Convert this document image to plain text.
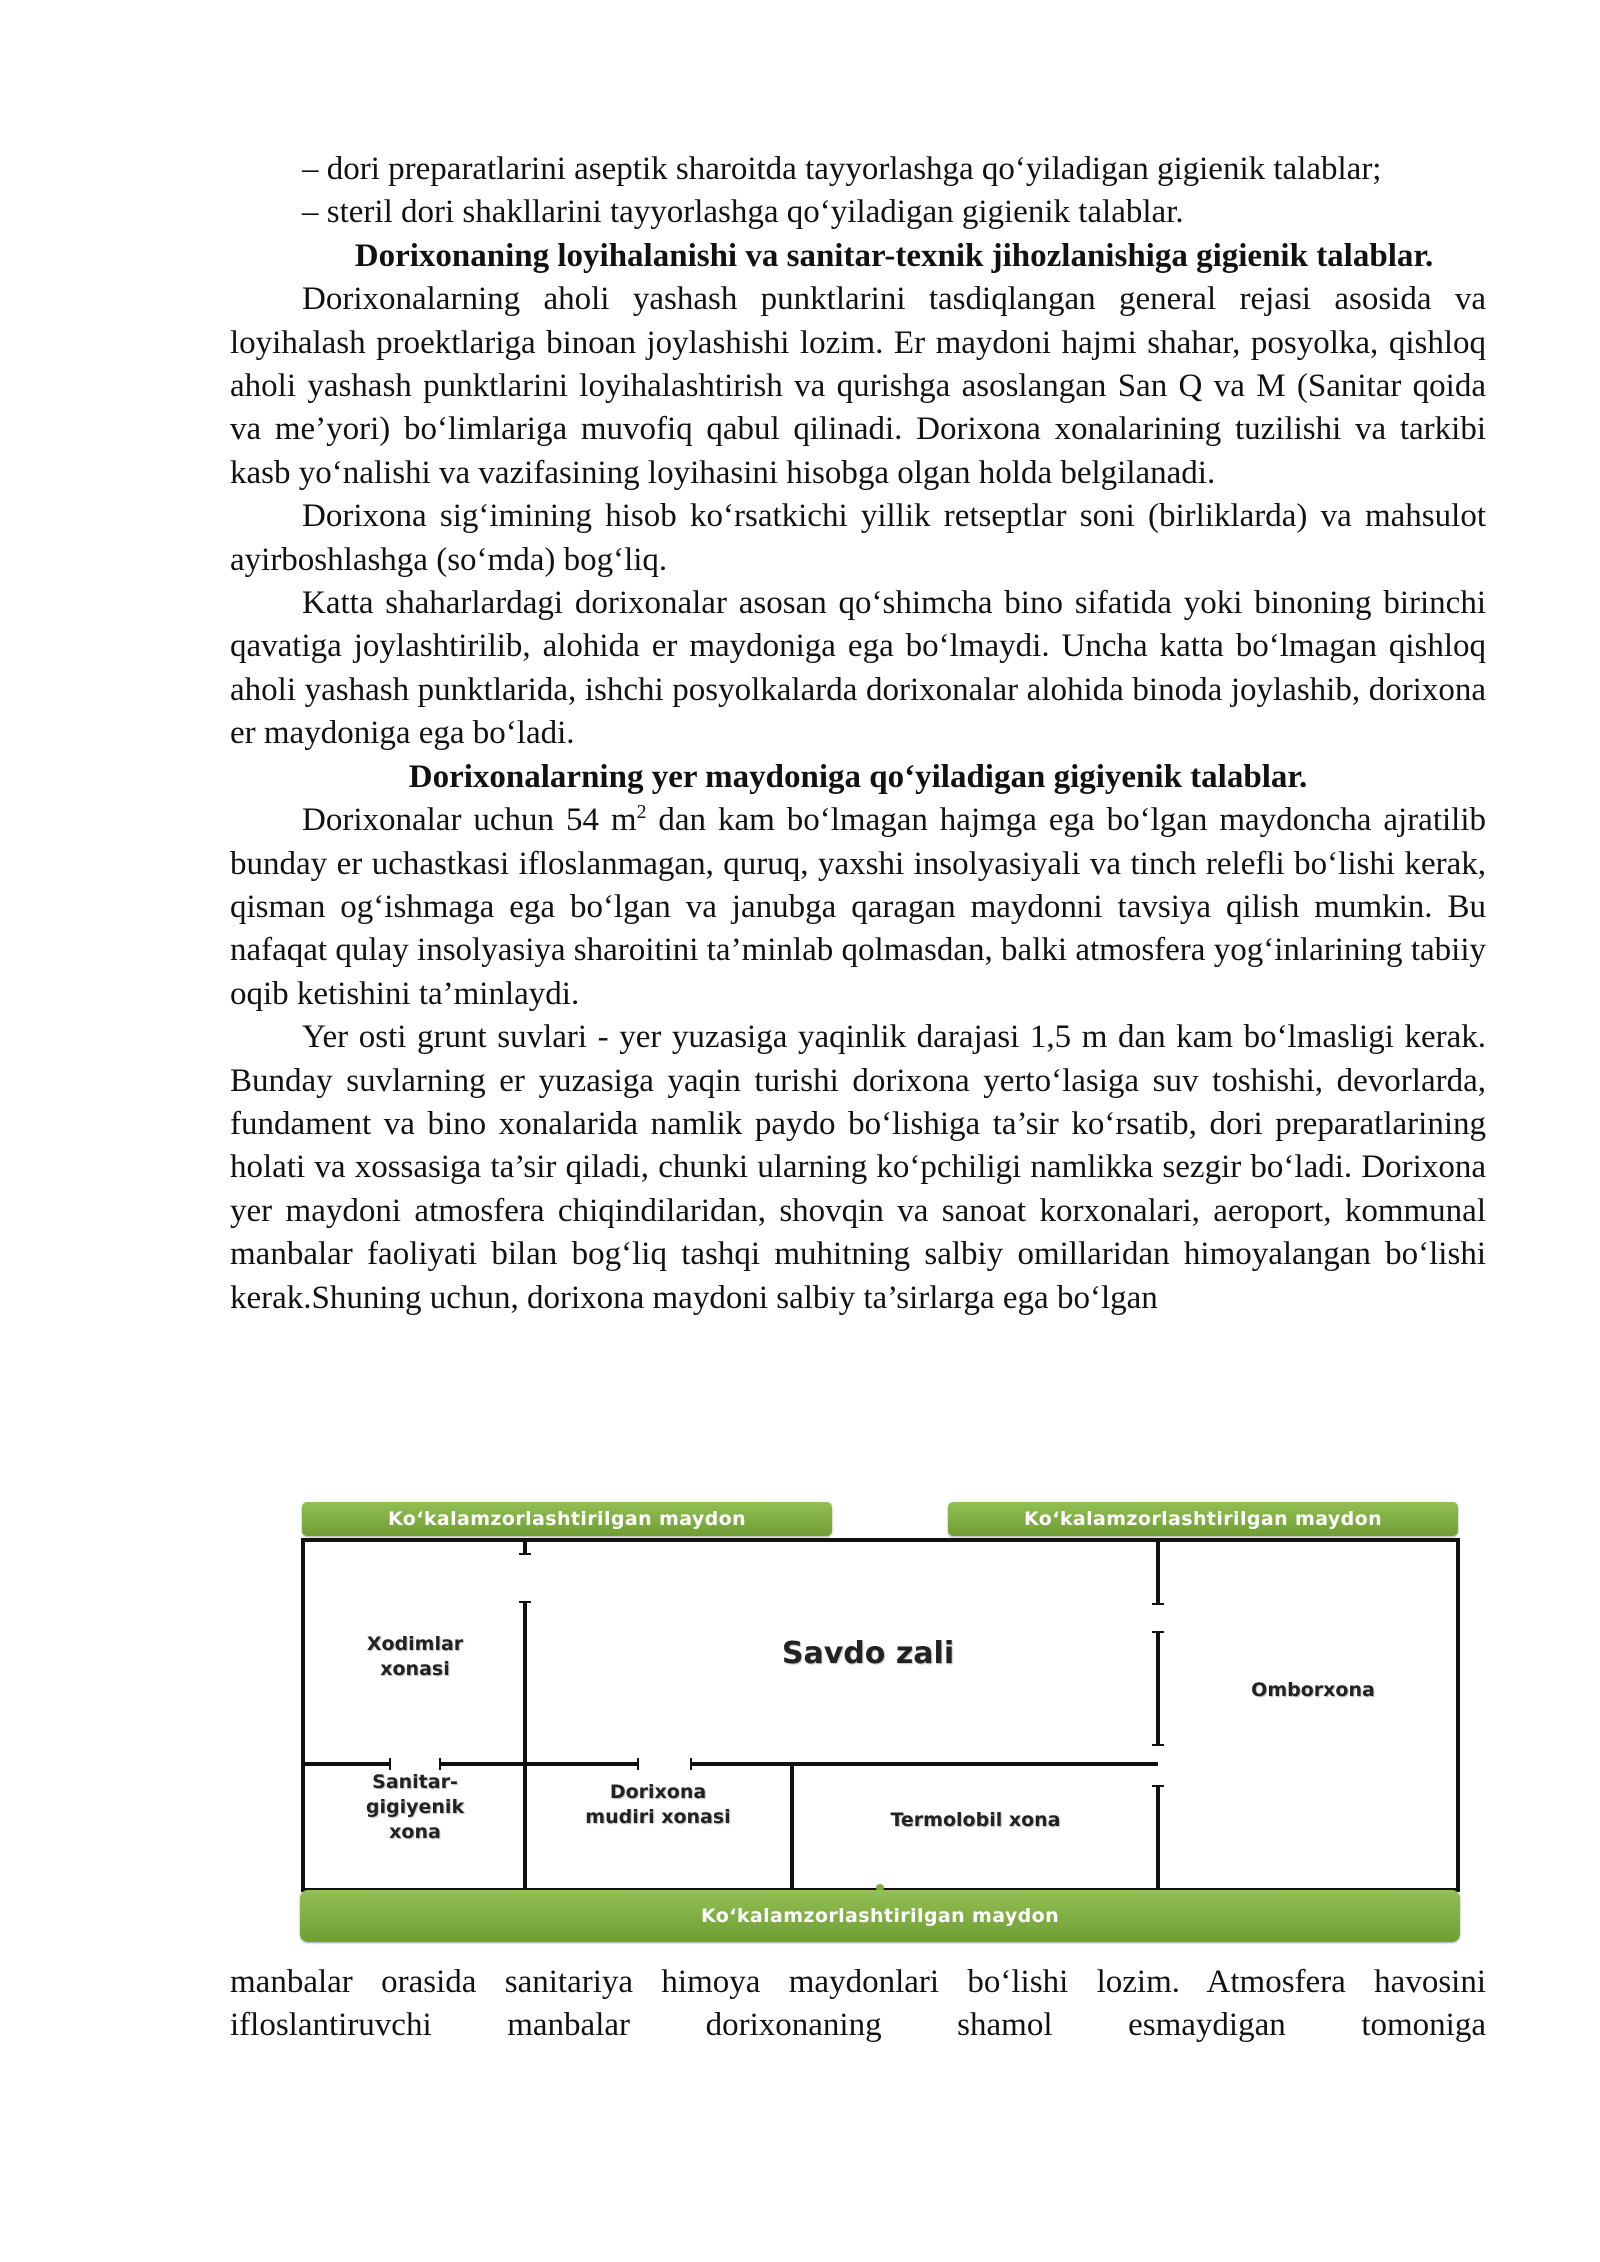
– dori preparatlarini aseptik sharoitda tayyorlashga qo‘yiladigan gigienik talablar;

– steril dori shakllarini tayyorlashga qo‘yiladigan gigienik talablar.

Dorixonaning loyihalanishi va sanitar-texnik jihozlanishiga gigienik talablar.

Dorixonalarning aholi yashash punktlarini tasdiqlangan general rejasi asosida va loyihalash proektlariga binoan joylashishi lozim. Er maydoni hajmi shahar, posyolka, qishloq aholi yashash punktlarini loyihalashtirish va qurishga asoslangan San Q va M (Sanitar qoida va me’yori) bo‘limlariga muvofiq qabul qilinadi. Dorixona xonalarining tuzilishi va tarkibi kasb yo‘nalishi va vazifasining loyihasini hisobga olgan holda belgilanadi.

Dorixona sig‘imining hisob ko‘rsatkichi yillik retseptlar soni (birliklarda) va mahsulot ayirboshlashga (so‘mda) bog‘liq.

Katta shaharlardagi dorixonalar asosan qo‘shimcha bino sifatida yoki binoning birinchi qavatiga joylashtirilib, alohida er maydoniga ega bo‘lmaydi. Uncha katta bo‘lmagan qishloq aholi yashash punktlarida, ishchi posyolkalarda dorixonalar alohida binoda joylashib, dorixona er maydoniga ega bo‘ladi.

Dorixonalarning yer maydoniga qo‘yiladigan gigiyenik talablar.

Dorixonalar uchun 54 $m^2$ dan kam bo‘lmagan hajmga ega bo‘lgan maydoncha ajratilib bunday er uchastkasi ifloslanmagan, quruq, yaxshi insolyasiyali va tinch relefli bo‘lishi kerak, qisman og‘ishmaga ega bo‘lgan va janubga qaragan maydonni tavsiya qilish mumkin. Bu nafaqat qulay insolyasiya sharoitini ta’minlab qolmasdan, balki atmosfera yog‘inlarining tabiiy oqib ketishini ta’minlaydi.

Yer osti grunt suvlari - yer yuzasiga yaqinlik darajasi 1,5 m dan kam bo‘lmasligi kerak. Bunday suvlarning er yuzasiga yaqin turishi dorixona yerto‘lasiga suv toshishi, devorlarda, fundament va bino xonalarida namlik paydo bo‘lishiga ta’sir ko‘rsatib, dori preparatlarining holati va xossasiga ta’sir qiladi, chunki ularning ko‘pchiligi namlikka sezgir bo‘ladi. Dorixona yer maydoni atmosfera chiqindilaridan, shovqin va sanoat korxonalari, aeroport, kommunal manbalar faoliyati bilan bog‘liq tashqi muhitning salbiy omillaridan himoyalangan bo‘lishi kerak.Shuning uchun, dorixona maydoni salbiy ta’sirlarga ega bo‘lgan

Ko‘kalamzorlashtirilgan maydon	Ko‘kalamzorlashtirilgan maydon
Ko‘kalamzorlashtirilgan maydon
Xodimlar
xonasi	Savdo zali
Omborxona
Sanitar-
gigiyenik
xona
Dorixona
mudiri xonasi	Termolobil xona

manbalar orasida sanitariya himoya maydonlari bo‘lishi lozim. Atmosfera havosini ifloslantiruvchi manbalar dorixonaning shamol esmaydigan tomoniga
